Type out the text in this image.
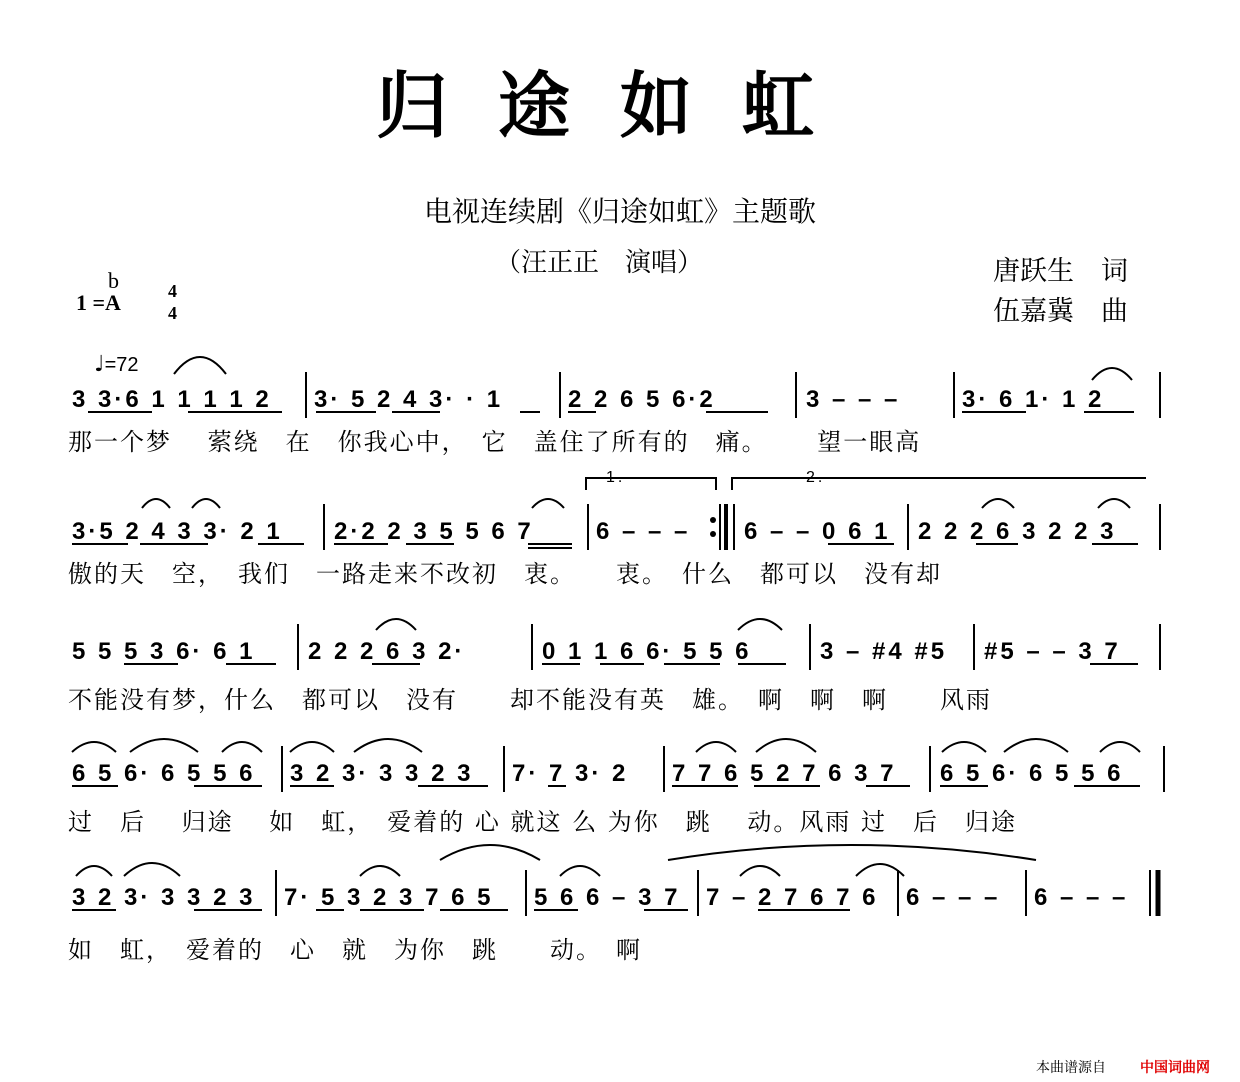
归途如虹
电视连续剧《归途如虹》主题歌
（汪正正　演唱）	唐跃生　词
伍嘉冀　曲
b
1 =A	4
4

♩=72

1.	2.
3 3·6 1 1 1 1 2 3· 5 2 4 3· · 1	2 2 6 5 6·2	3 – – –	3· 6 1· 1 2
那一个梦　 萦绕　在　你我心中，　它　盖住了所有的　痛。　　 望一眼高
3·5 2 4 3 3· 2 1 2·2 2 3 5 5 6 7	6 – – – 6 – – 0 6 1 2 2 2 6 3 2 2 3
傲的天　空，　我们　一路走来不改初　衷。　　衷。　什么　都可以　没有却
5 5 5 3 6· 6 1 2 2 2 6 3 2·	0 1 1 6 6· 5 5 6	3 – #4 #5 #5 – – 3 7
不能没有梦，什么　都可以　没有　　却不能没有英　雄。　啊　啊　啊　　风雨
6 5 6· 6 5 5 6 3 2 3· 3 3 2 3 7· 7 3· 2 7 7 6 5 2 7 6 3 7 6 5 6· 6 5 5 6
过　后　 归途　 如　虹，　爱着的 心 就这 么 为你　跳　 动。风雨 过　后　归途
3 2 3· 3 3 2 3 7· 5 3 2 3 7 6 5 5 6 6 – 3 7 7 – 2 7 6 7 6 6 – – – 6 – – –
如　虹，　爱着的　心　就　为你　跳　　动。　啊
本曲谱源自 中国词曲网
